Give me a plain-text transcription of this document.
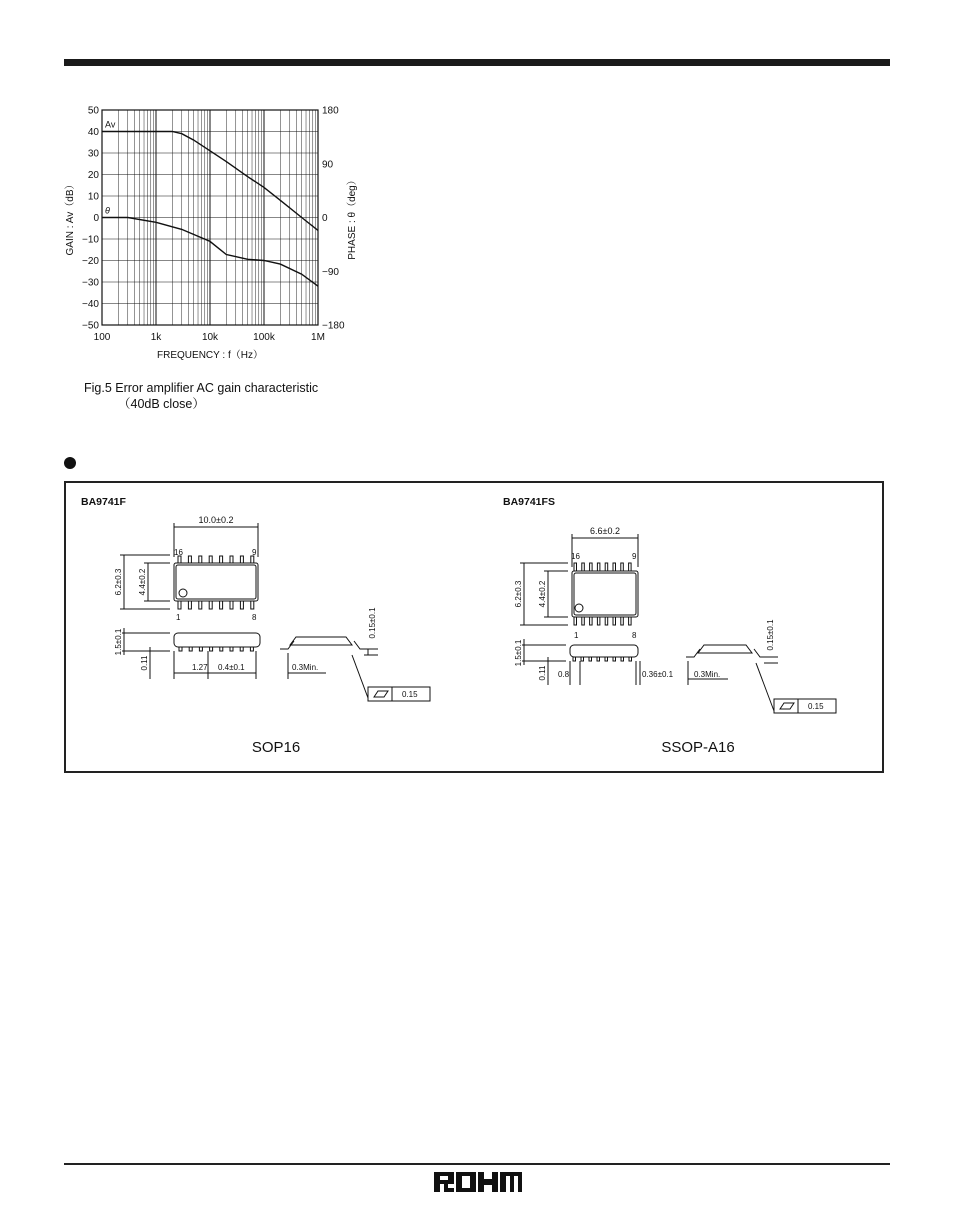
50
40
30
20
10
0
−10
−20
−30
−40
−50
180
90
0
−90
−180
100	1k	10k	100k	1M
FREQUENCY : f（Hz）
GAIN : Av（dB）	PHASE : θ（deg）
Av
θ
Fig.5 Error amplifier AC gain characteristic
（40dB close）
BA9741F
10.0±0.2
16	9
1	8
6.2±0.3 4.4±0.2
1.5±0.1
0.11	1.27 0.4±0.1	0.3Min.
0.15±0.1
0.15
SOP16
BA9741FS
6.6±0.2
16	9
1	8
6.2±0.3 4.4±0.2
1.5±0.1
0.11 0.8	0.36±0.1	0.3Min.
0.15±0.1
0.15
SSOP-A16
